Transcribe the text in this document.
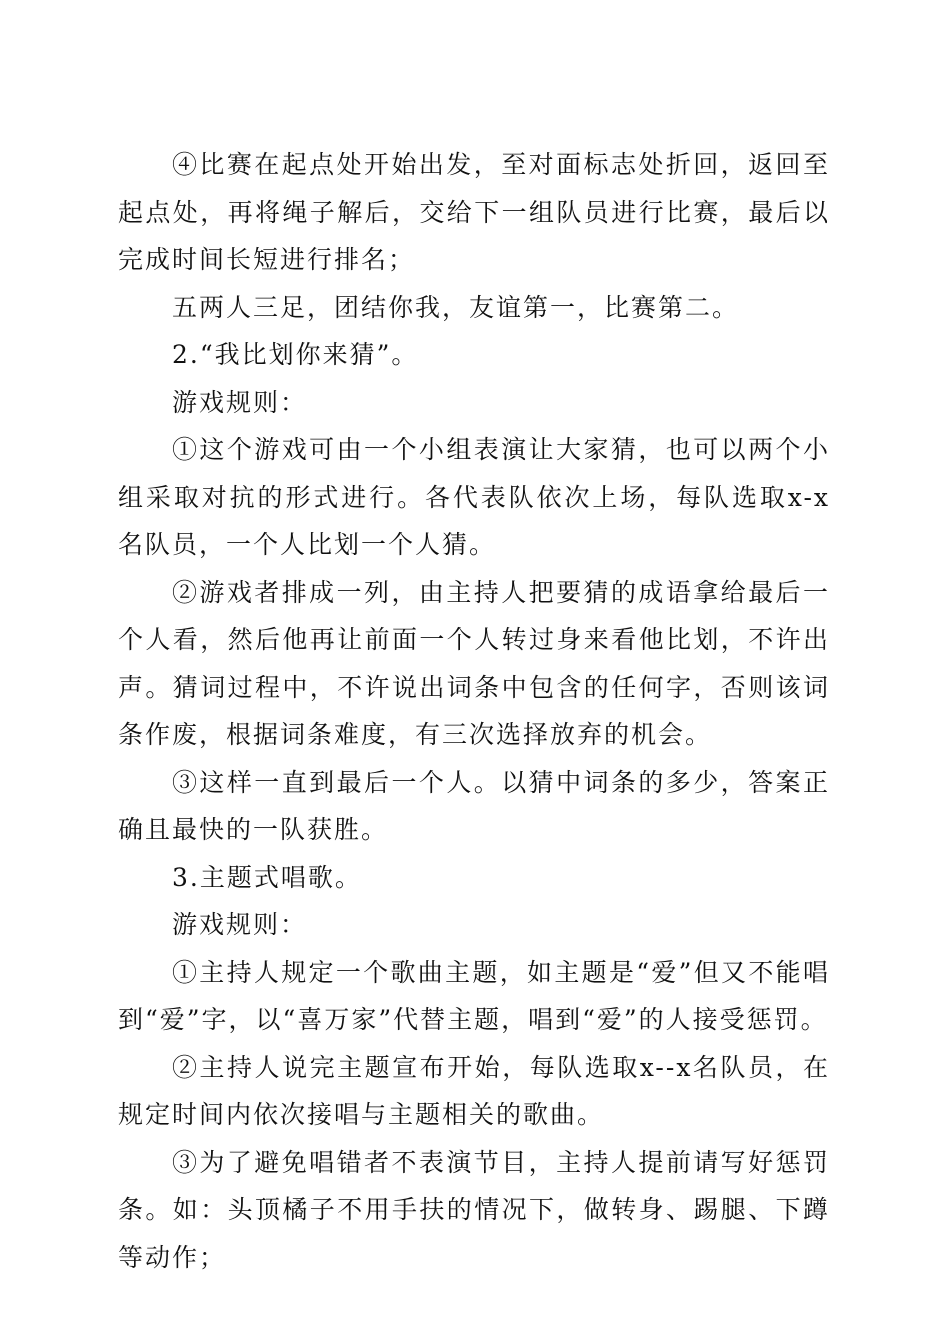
④比赛在起点处开始出发，至对面标志处折回，返回至起点处，再将绳子解后，交给下一组队员进行比赛，最后以完成时间长短进行排名；

五两人三足，团结你我，友谊第一，比赛第二。

2.“我比划你来猜”。

游戏规则：

①这个游戏可由一个小组表演让大家猜，也可以两个小组采取对抗的形式进行。各代表队依次上场，每队选取x-x名队员，一个人比划一个人猜。

②游戏者排成一列，由主持人把要猜的成语拿给最后一个人看，然后他再让前面一个人转过身来看他比划，不许出声。猜词过程中，不许说出词条中包含的任何字，否则该词条作废，根据词条难度，有三次选择放弃的机会。

③这样一直到最后一个人。以猜中词条的多少，答案正确且最快的一队获胜。

3.主题式唱歌。

游戏规则：

①主持人规定一个歌曲主题，如主题是“爱”但又不能唱到“爱”字，以“喜万家”代替主题，唱到“爱”的人接受惩罚。

②主持人说完主题宣布开始，每队选取x--x名队员，在规定时间内依次接唱与主题相关的歌曲。

③为了避免唱错者不表演节目，主持人提前请写好惩罚条。如：头顶橘子不用手扶的情况下，做转身、踢腿、下蹲等动作；
